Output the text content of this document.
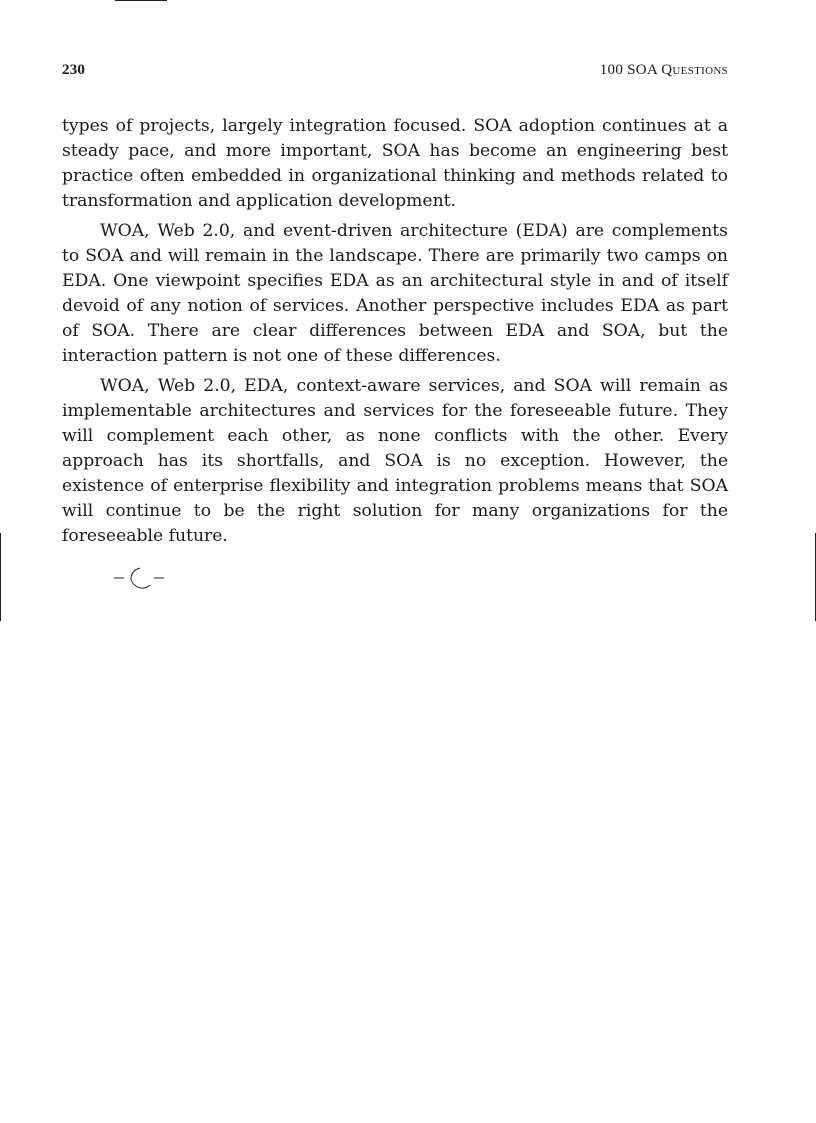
230	100 SOA Questions

types of projects, largely integration focused. SOA adoption continues at a steady pace, and more important, SOA has become an engineering best practice often embedded in organizational thinking and methods related to transformation and application development.

WOA, Web 2.0, and event-driven architecture (EDA) are complements to SOA and will remain in the landscape. There are primarily two camps on EDA. One viewpoint specifies EDA as an architectural style in and of itself devoid of any notion of services. Another perspective includes EDA as part of SOA. There are clear differences between EDA and SOA, but the interaction pattern is not one of these differences.

WOA, Web 2.0, EDA, context-aware services, and SOA will remain as implementable architectures and services for the foreseeable future. They will complement each other, as none conflicts with the other. Every approach has its shortfalls, and SOA is no exception. However, the existence of enterprise flexibility and integration problems means that SOA will continue to be the right solution for many organizations for the foreseeable future.
